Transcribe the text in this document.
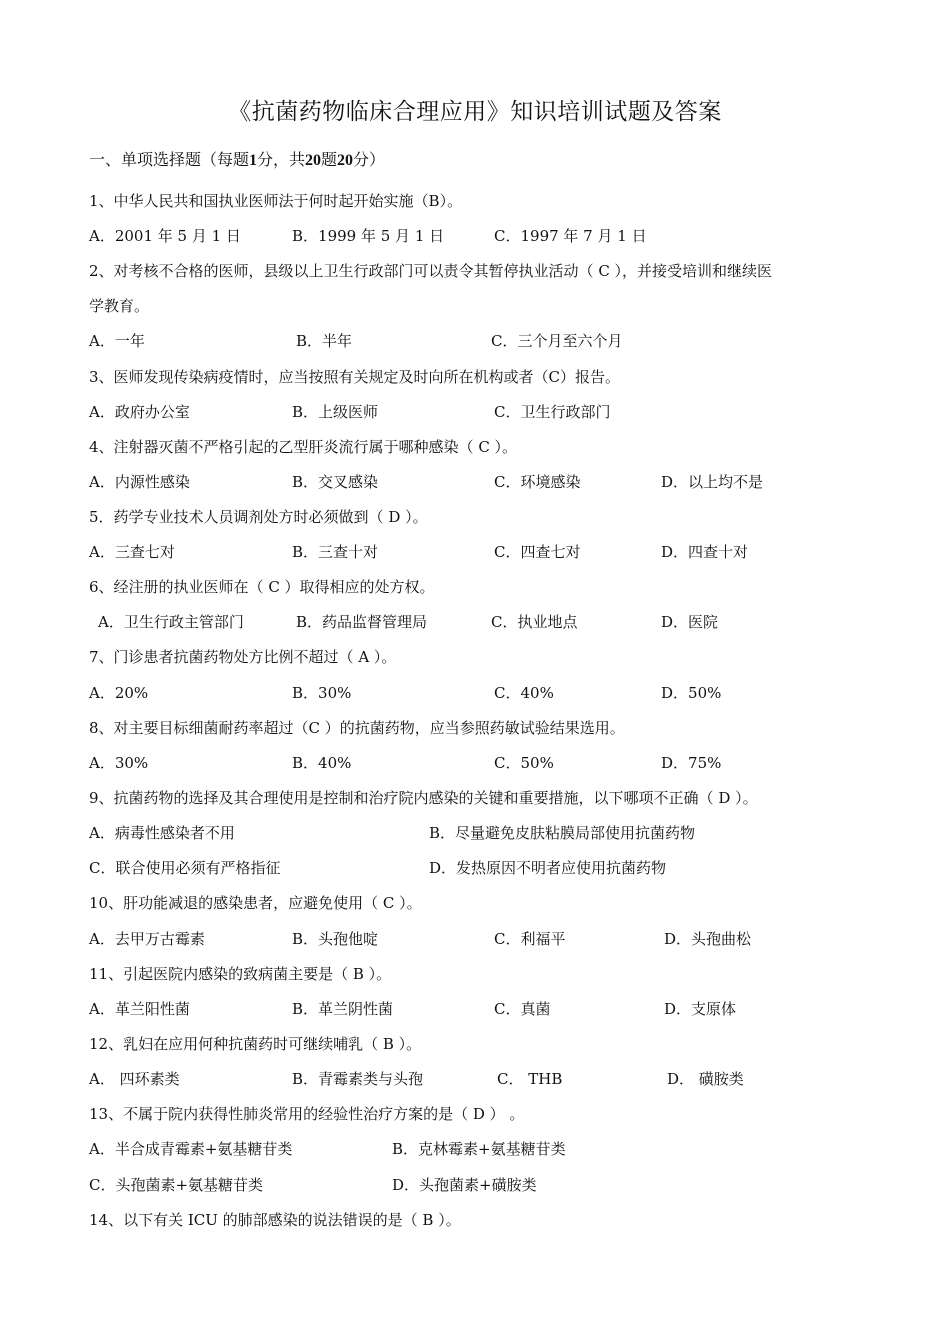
《抗菌药物临床合理应用》知识培训试题及答案
一、单项选择题（每题1分，共20题20分）
1、中华人民共和国执业医师法于何时起开始实施（B）。
A．2001 年 5 月 1 日	B．1999 年 5 月 1 日	C．1997 年 7 月 1 日
2、对考核不合格的医师，县级以上卫生行政部门可以责令其暂停执业活动（ C ），并接受培训和继续医
学教育。
A．一年	B．半年	C．三个月至六个月
3、医师发现传染病疫情时，应当按照有关规定及时向所在机构或者（C）报告。
A．政府办公室	B．上级医师	C．卫生行政部门
4、注射器灭菌不严格引起的乙型肝炎流行属于哪种感染（ C ）。
A．内源性感染	B．交叉感染	C．环境感染	D．以上均不是
5．药学专业技术人员调剂处方时必须做到（ D ）。
A．三查七对	B．三查十对	C．四查七对	D．四查十对
6、经注册的执业医师在（ C ）取得相应的处方权。
A．卫生行政主管部门	B．药品监督管理局	C．执业地点	D．医院
7、门诊患者抗菌药物处方比例不超过（ A ）。
A．20%	B．30%	C．40%	D．50%
8、对主要目标细菌耐药率超过（C ）的抗菌药物，应当参照药敏试验结果选用。
A．30%	B．40%	C．50%	D．75%
9、抗菌药物的选择及其合理使用是控制和治疗院内感染的关键和重要措施，以下哪项不正确（ D ）。
A．病毒性感染者不用	B．尽量避免皮肤粘膜局部使用抗菌药物
C．联合使用必须有严格指征	D．发热原因不明者应使用抗菌药物
10、肝功能减退的感染患者，应避免使用（ C ）。
A．去甲万古霉素	B．头孢他啶	C．利福平	D．头孢曲松
11、引起医院内感染的致病菌主要是（ B ）。
A．革兰阳性菌	B．革兰阴性菌	C．真菌	D．支原体
12、乳妇在应用何种抗菌药时可继续哺乳（ B ）。
A． 四环素类	B．青霉素类与头孢	C． THB	D． 磺胺类
13、不属于院内获得性肺炎常用的经验性治疗方案的是（ D ） 。
A．半合成青霉素+氨基糖苷类	B．克林霉素+氨基糖苷类
C．头孢菌素+氨基糖苷类	D．头孢菌素+磺胺类
14、以下有关 ICU 的肺部感染的说法错误的是（ B ）。
